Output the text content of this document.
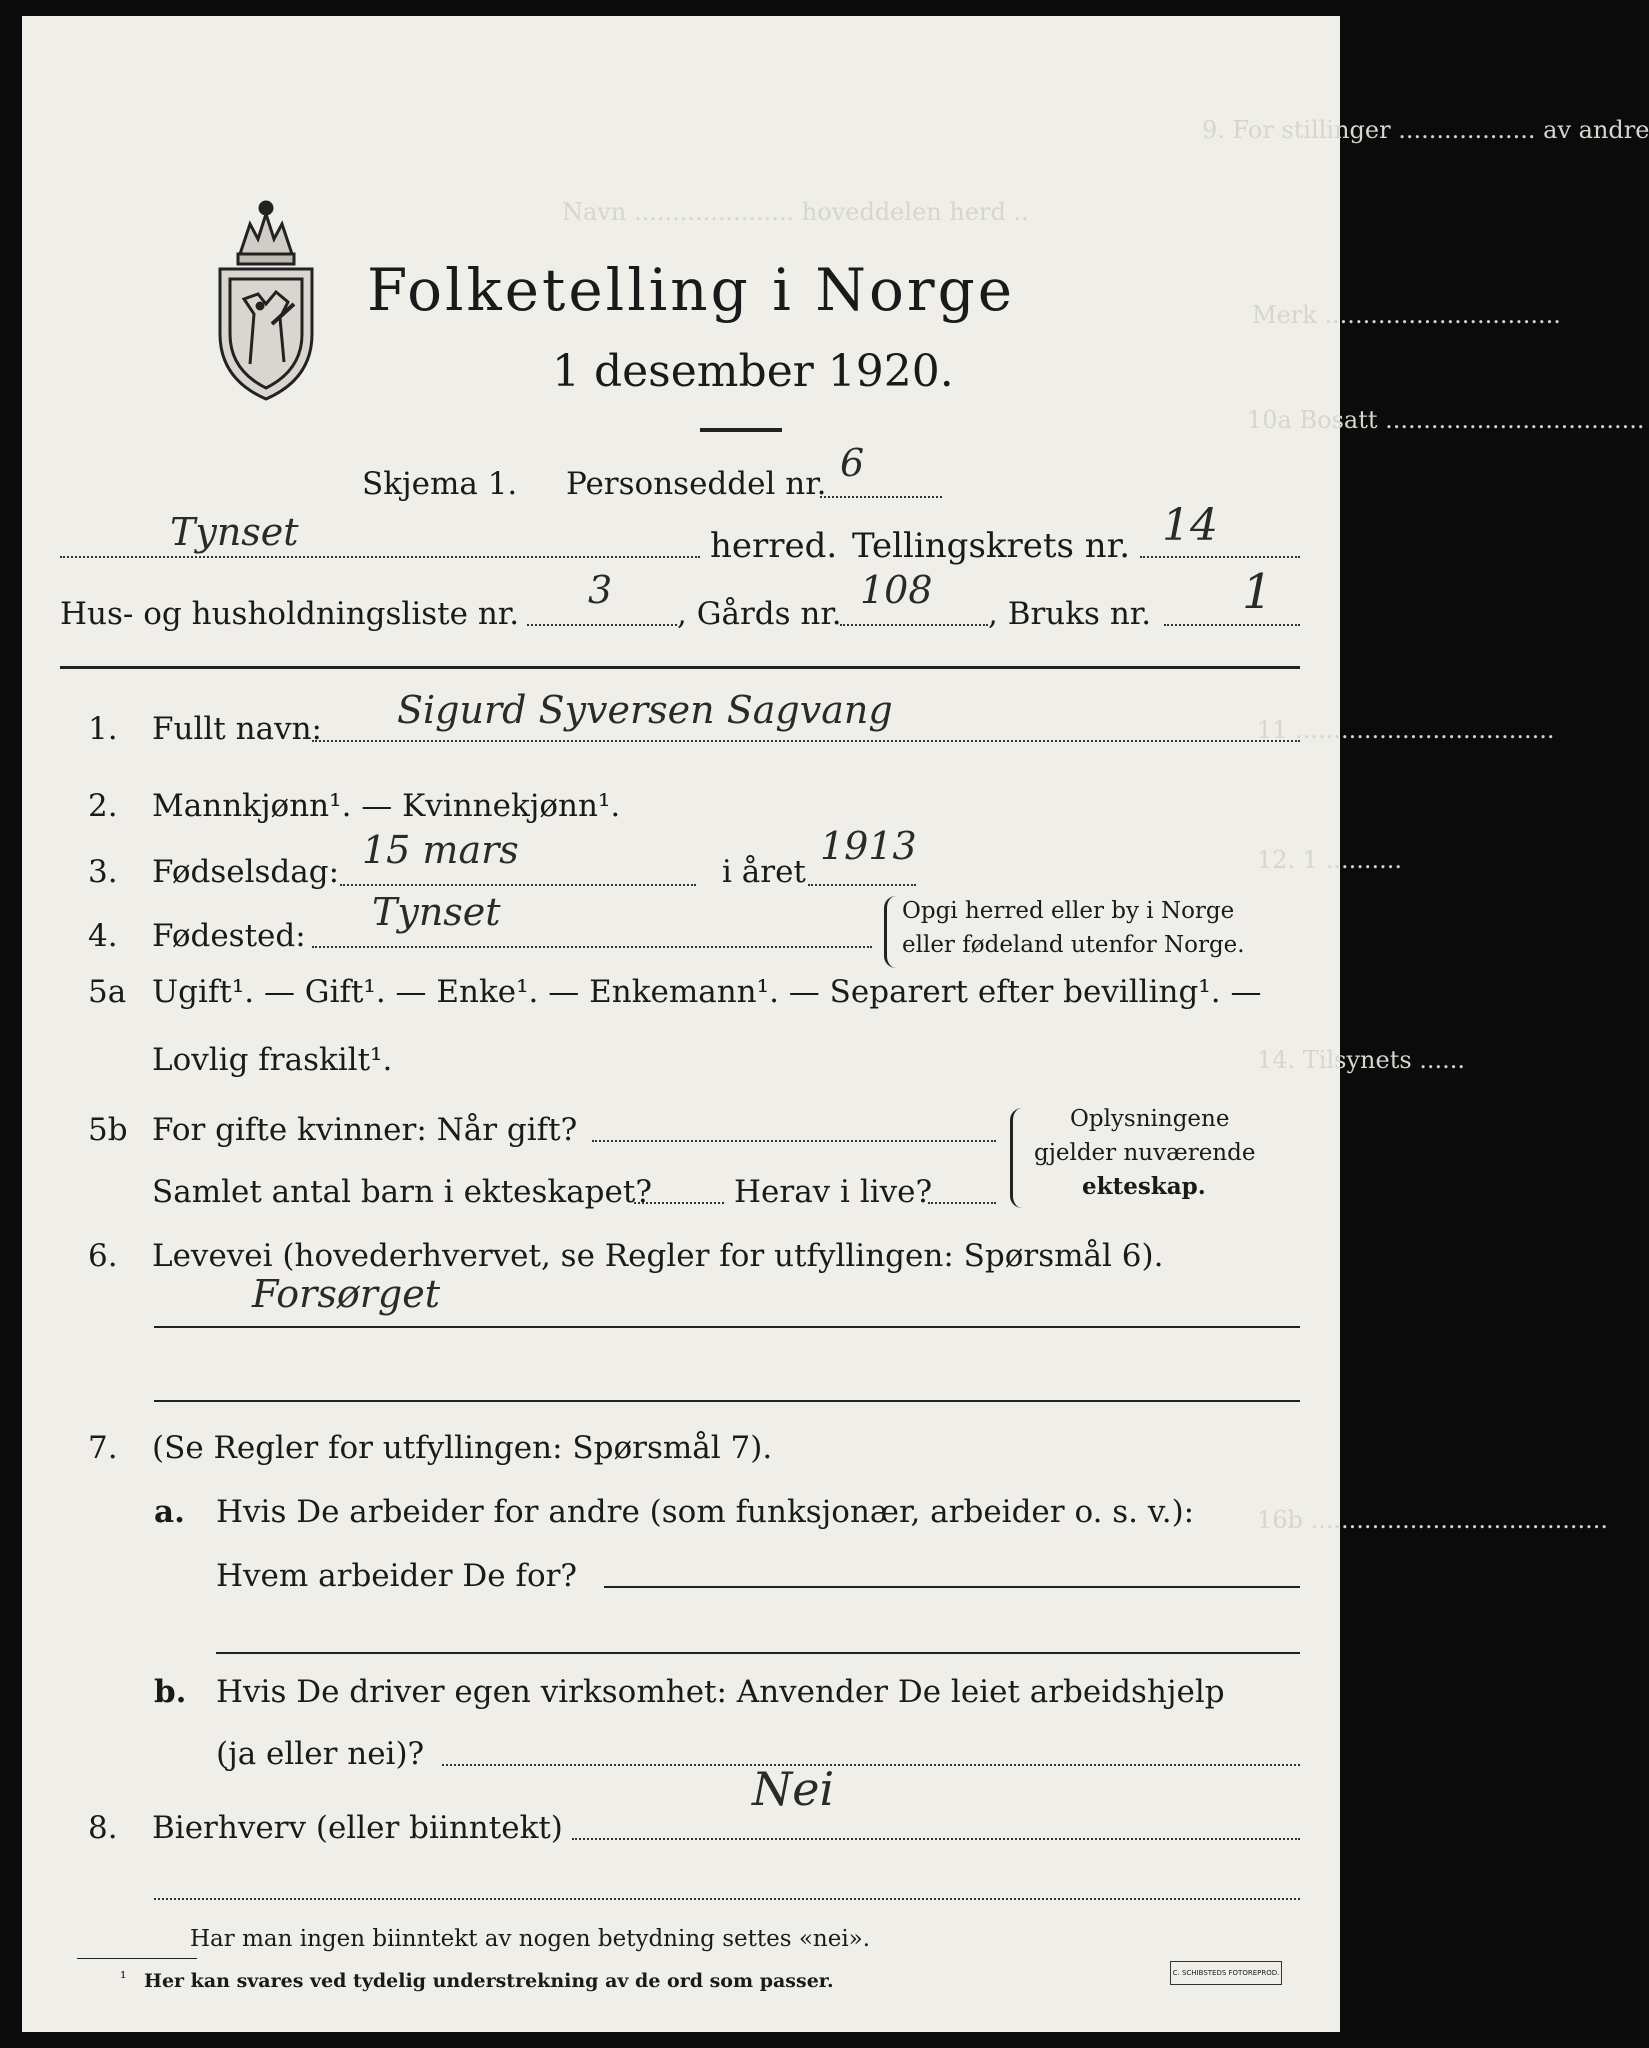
9. For stillinger .................. av andre
Navn ..................... hoveddelen herd ..
Merk ...............................
10a Bosatt ..................................
11 ..................................
12. 1 ..........
14. Tilsynets ......
16b .......................................
Folketelling i Norge
1 desember 1920.
Skjema 1. Personseddel nr. 6
Tynset	herred. Tellingskrets nr. 14
Hus- og husholdningsliste nr.
3
, Gårds nr.
108
, Bruks nr. 1
1. Fullt navn: Sigurd Syversen Sagvang
2. Mannkjønn¹. — Kvinnekjønn¹.
3. Fødselsdag: 15 mars	i året
1913
4. Fødested:
Tynset	Opgi herred eller by i Norge
eller fødeland utenfor Norge.
5a Ugift¹. — Gift¹. — Enke¹. — Enkemann¹. — Separert efter bevilling¹. —
Lovlig fraskilt¹.
5b For gifte kvinner: Når gift?
Samlet antal barn i ekteskapet?	Herav i live?
Oplysningene
gjelder nuværende
ekteskap.
6. Levevei (hovederhvervet, se Regler for utfyllingen: Spørsmål 6).
Forsørget
7. (Se Regler for utfyllingen: Spørsmål 7).
a. Hvis De arbeider for andre (som funksjonær, arbeider o. s. v.):
Hvem arbeider De for?
b. Hvis De driver egen virksomhet: Anvender De leiet arbeidshjelp
(ja eller nei)?
8. Bierhverv (eller biinntekt)
Nei
Har man ingen biinntekt av nogen betydning settes «nei».
¹ Her kan svares ved tydelig understrekning av de ord som passer.	C. SCHIBSTEDS FOTOREPROD.
